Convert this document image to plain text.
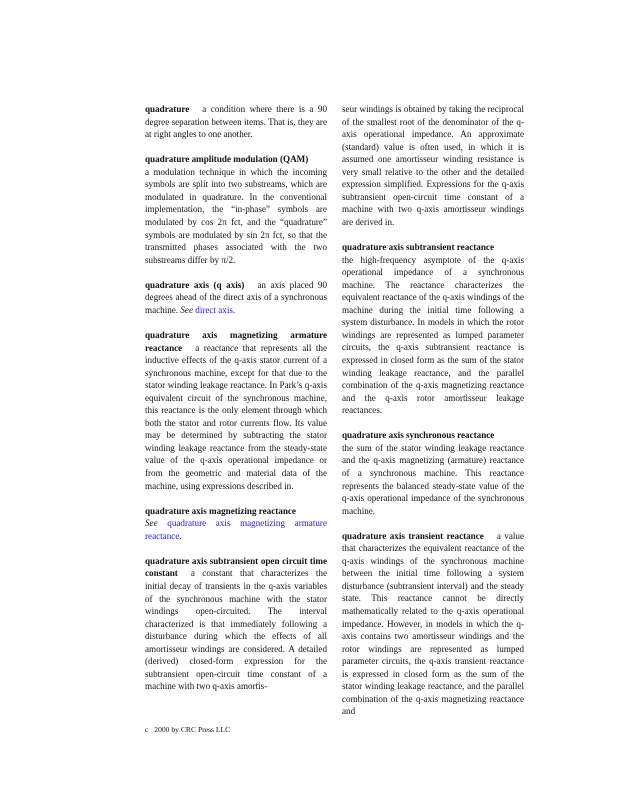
quadrature a condition where there is a 90 degree separation between items. That is, they are at right angles to one another.

quadrature amplitude modulation (QAM)
a modulation technique in which the incoming symbols are split into two substreams, which are modulated in quadrature. In the conventional implementation, the “in-phase” symbols are modulated by cos 2π fсt, and the “quadrature” symbols are modulated by sin 2π fсt, so that the transmitted phases associated with the two substreams differ by π/2.

quadrature axis (q axis) an axis placed 90 degrees ahead of the direct axis of a synchronous machine. See direct axis.

quadrature axis magnetizing armature reactance a reactance that represents all the inductive effects of the q-axis stator current of a synchronous machine, except for that due to the stator winding leakage reactance. In Park’s q-axis equivalent circuit of the synchronous machine, this reactance is the only element through which both the stator and rotor currents flow. Its value may be determined by subtracting the stator winding leakage reactance from the steady-state value of the q-axis operational impedance or from the geometric and material data of the machine, using expressions described in.

quadrature axis magnetizing reactance
See quadrature axis magnetizing armature reactance.

quadrature axis subtransient open circuit time constant a constant that characterizes the initial decay of transients in the q-axis variables of the synchronous machine with the stator windings open-circuited. The interval characterized is that immediately following a disturbance during which the effects of all amortisseur windings are considered. A detailed (derived) closed-form expression for the subtransient open-circuit time constant of a machine with two q-axis amortis-

seur windings is obtained by taking the reciprocal of the smallest root of the denominator of the q-axis operational impedance. An approximate (standard) value is often used, in which it is assumed one amortisseur winding resistance is very small relative to the other and the detailed expression simplified. Expressions for the q-axis subtransient open-circuit time constant of a machine with two q-axis amortisseur windings are derived in.

quadrature axis subtransient reactance
the high-frequency asymptote of the q-axis operational impedance of a synchronous machine. The reactance characterizes the equivalent reactance of the q-axis windings of the machine during the initial time following a system disturbance. In models in which the rotor windings are represented as lumped parameter circuits, the q-axis subtransient reactance is expressed in closed form as the sum of the stator winding leakage reactance, and the parallel combination of the q-axis magnetizing reactance and the q-axis rotor amortisseur leakage reactances.

quadrature axis synchronous reactance
the sum of the stator winding leakage reactance and the q-axis magnetizing (armature) reactance of a synchronous machine. This reactance represents the balanced steady-state value of the q-axis operational impedance of the synchronous machine.

quadrature axis transient reactance a value that characterizes the equivalent reactance of the q-axis windings of the synchronous machine between the initial time following a system disturbance (subtransient interval) and the steady state. This reactance cannot be directly mathematically related to the q-axis operational impedance. However, in models in which the q-axis contains two amortisseur windings and the rotor windings are represented as lumped parameter circuits, the q-axis transient reactance is expressed in closed form as the sum of the stator winding leakage reactance, and the parallel combination of the q-axis magnetizing reactance and

c⃝2000 by CRC Press LLC
